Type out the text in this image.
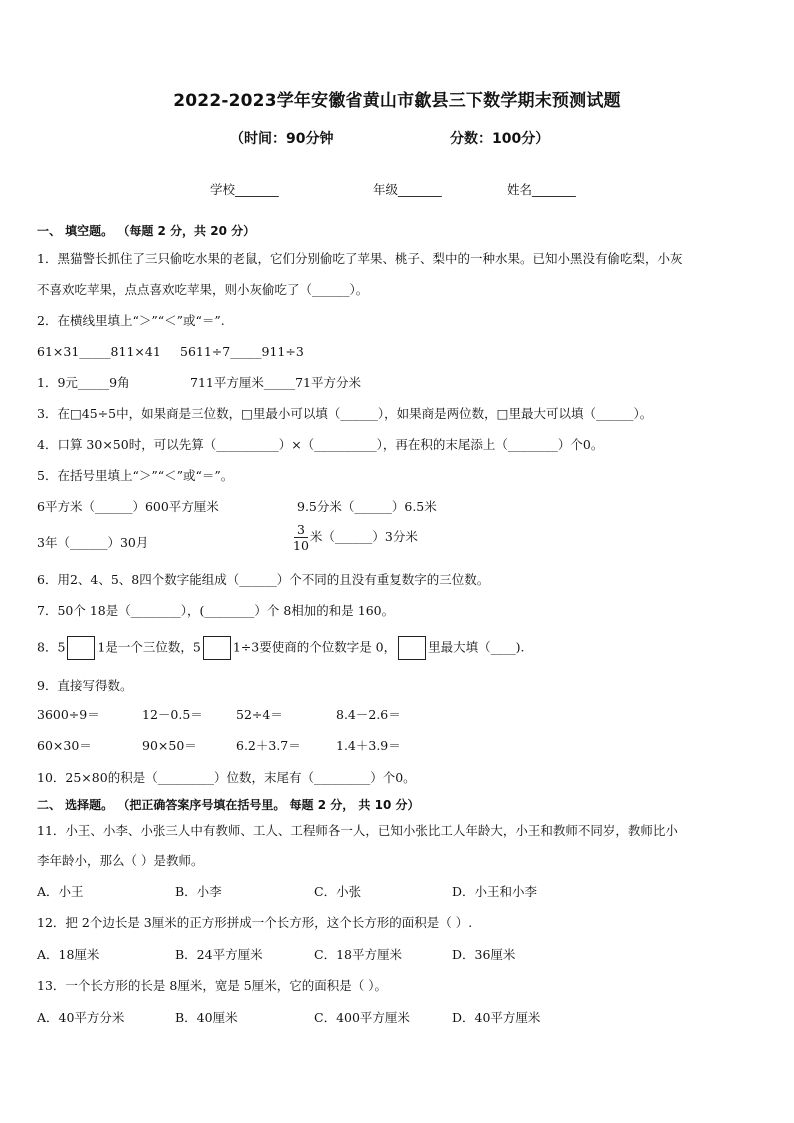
2022-2023学年安徽省黄山市歙县三下数学期末预测试题
（时间：90分钟	分数：100分）
学校_______	年级_______	姓名_______
一、 填空题。 （每题 2 分，共 20 分）
1．黑猫警长抓住了三只偷吃水果的老鼠，它们分别偷吃了苹果、桃子、梨中的一种水果。已知小黑没有偷吃梨，小灰
不喜欢吃苹果，点点喜欢吃苹果，则小灰偷吃了（______）。
2．在横线里填上“＞”“＜”或“＝”.
61×31_____811×41 5611÷7_____911÷3
1．9元_____9角	711平方厘米_____71平方分米
3．在□45÷5中，如果商是三位数，□里最小可以填（______），如果商是两位数，□里最大可以填（______）。
4．口算 30×50时，可以先算（__________）×（__________），再在积的末尾添上（________）个0。
5．在括号里填上“＞”“＜”或“＝”。
6平方米（______）600平方厘米	9.5分米（______）6.5米
3年（______）30月	$\frac{3}{10}$ 米（______）3分米
6．用2、4、5、8四个数字能组成（______）个不同的且没有重复数字的三位数。
7．50个 18是（________），(________）个 8相加的和是 160。
8．5	1是一个三位数，5	1÷3要使商的个位数字是 0，	里最大填（____).
9．直接写得数。
3600÷9＝	12－0.5＝	52÷4＝	8.4－2.6＝
60×30＝	90×50＝	6.2＋3.7＝	1.4＋3.9＝
10．25×80的积是（_________）位数，末尾有（_________）个0。
二、 选择题。 （把正确答案序号填在括号里。 每题 2 分， 共 10 分）
11．小王、小李、小张三人中有教师、工人、工程师各一人，已知小张比工人年龄大，小王和教师不同岁，教师比小
李年龄小，那么（ ）是教师。
A．小王	B．小李	C．小张	D．小王和小李
12．把 2个边长是 3厘米的正方形拼成一个长方形，这个长方形的面积是（ ）.
A．18厘米	B．24平方厘米	C．18平方厘米	D．36厘米
13．一个长方形的长是 8厘米，宽是 5厘米，它的面积是（ ）。
A．40平方分米	B．40厘米	C．400平方厘米	D．40平方厘米
